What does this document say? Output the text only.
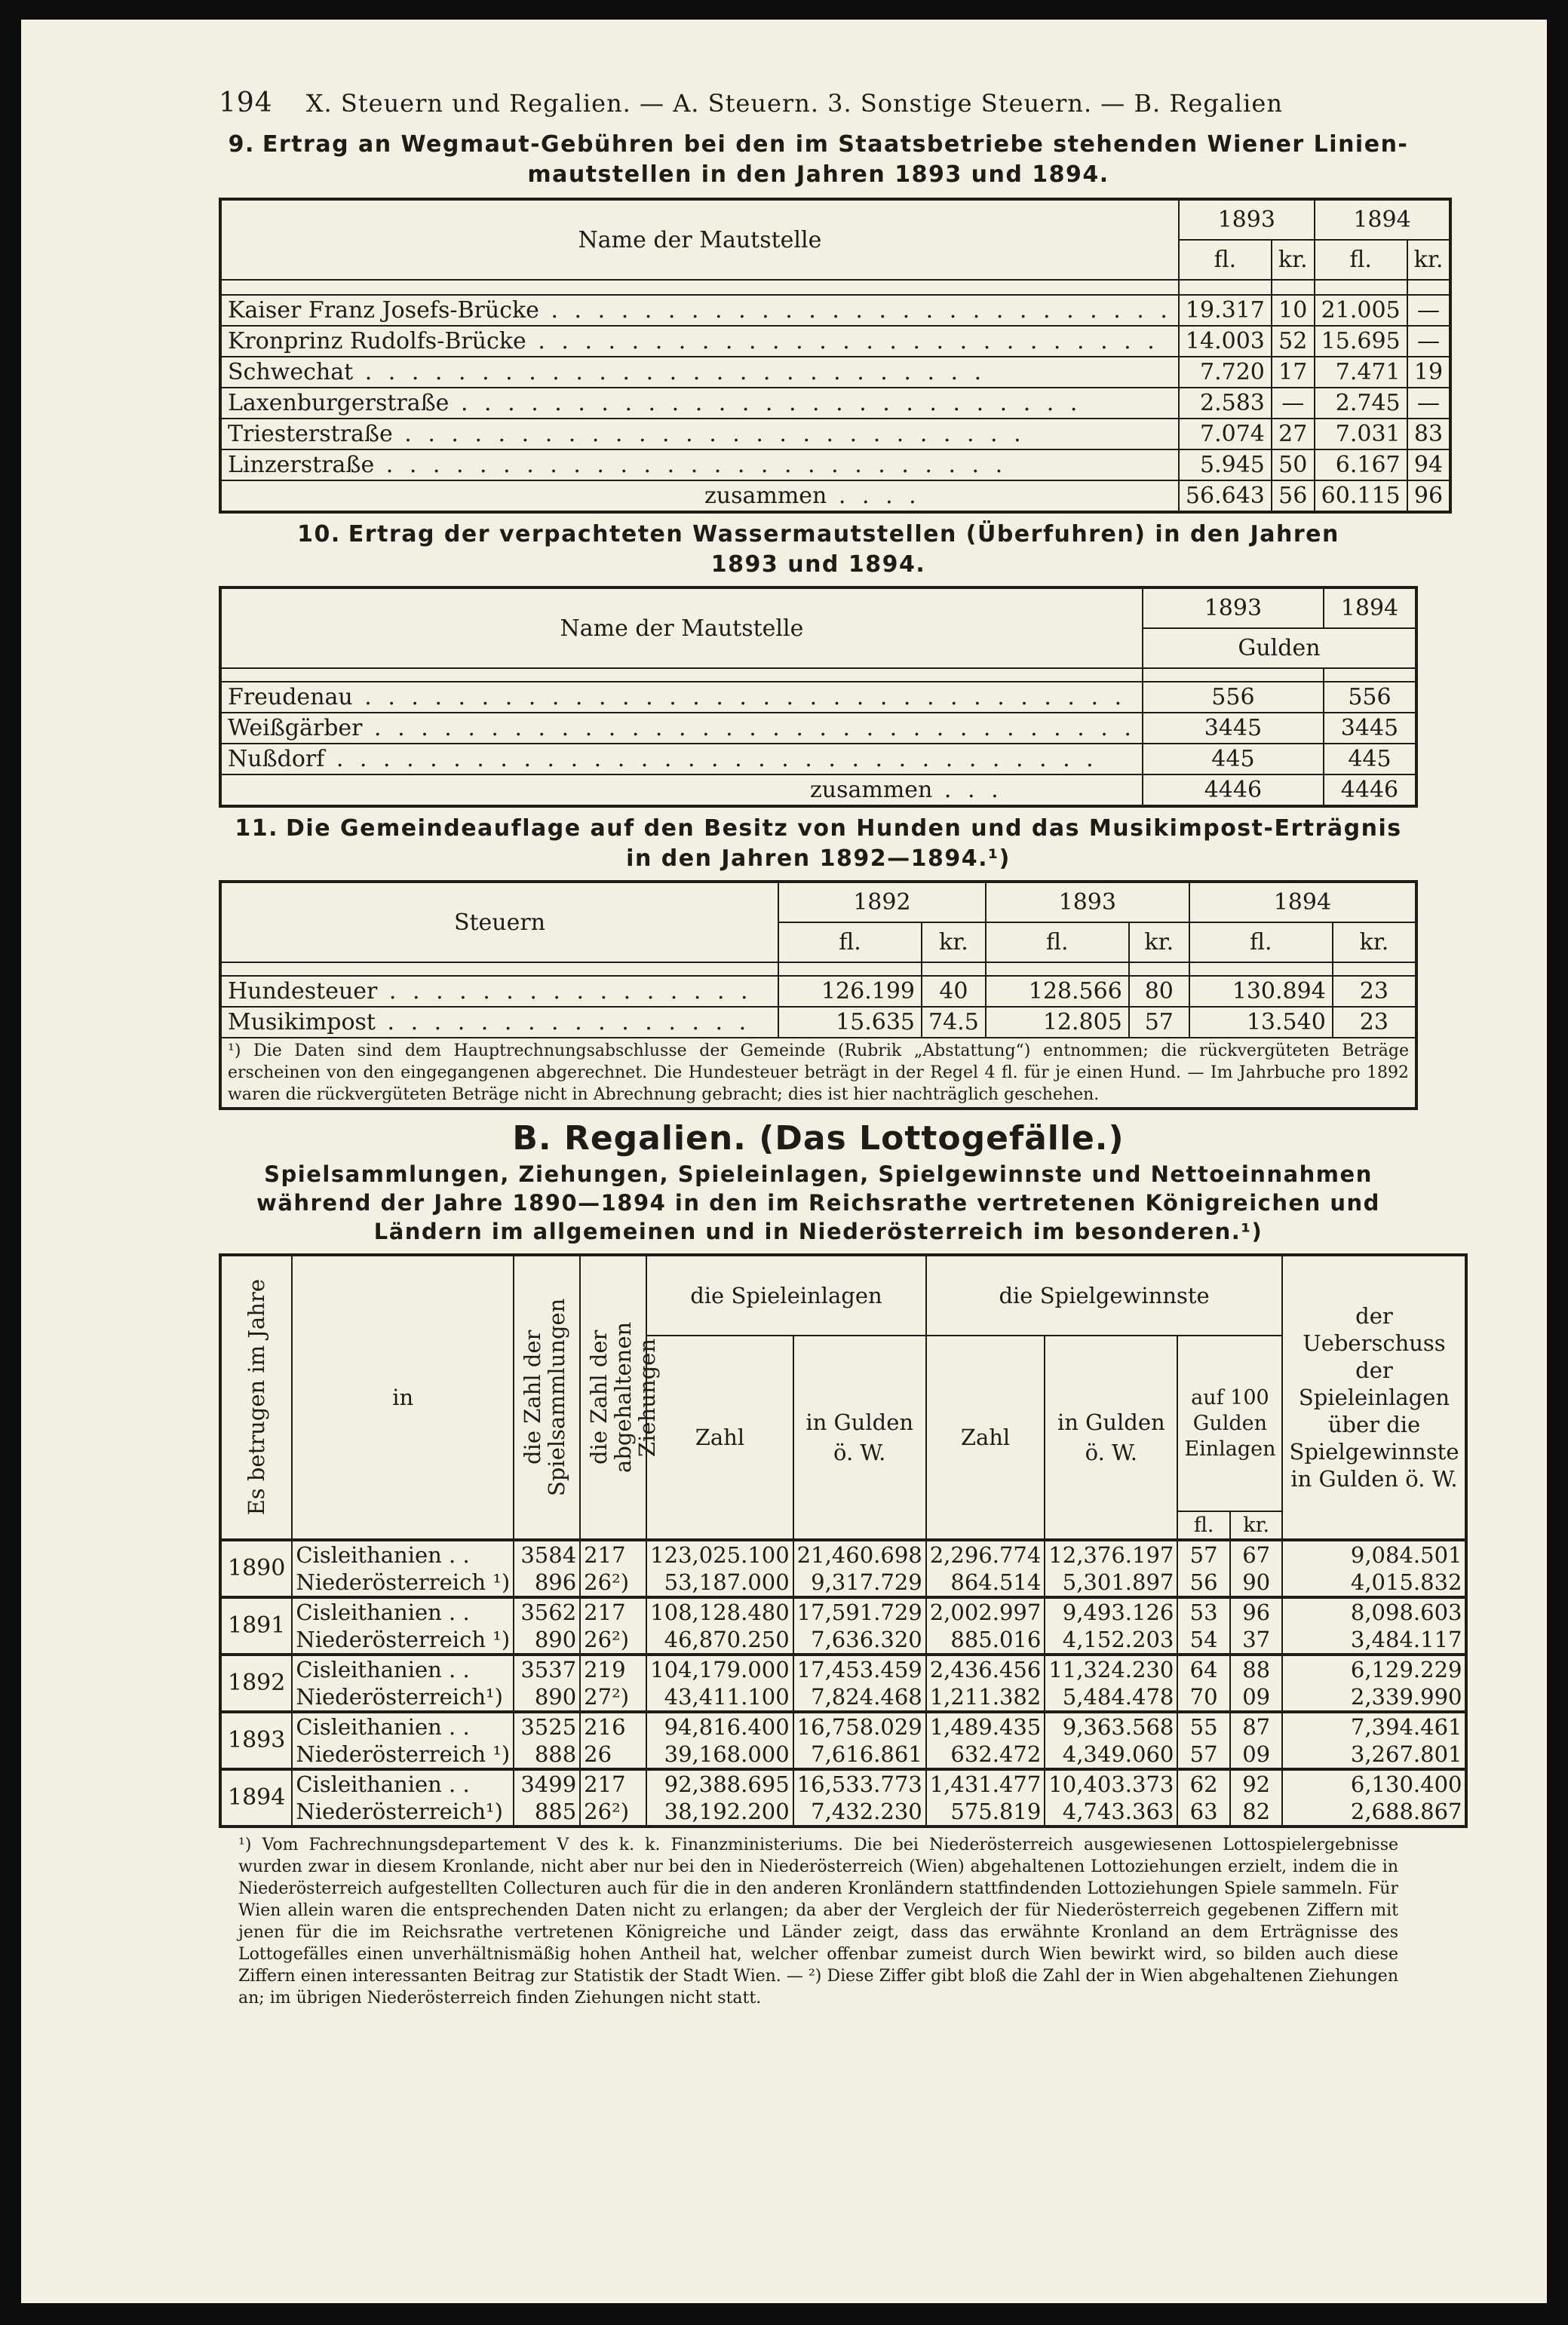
194 X. Steuern und Regalien. — A. Steuern. 3. Sonstige Steuern. — B. Regalien
9. Ertrag an Wegmaut-Gebühren bei den im Staatsbetriebe stehenden Wiener Linien-
mautstellen in den Jahren 1893 und 1894.
Name der Mautstelle	1893		1894	
	fl.	kr.	fl.	kr.

Kaiser Franz Josefs-Brücke . . . . . . . . . . . . . . . . . . . . . . . . . . .	19.317	10	21.005	—
Kronprinz Rudolfs-Brücke . . . . . . . . . . . . . . . . . . . . . . . . . . .	14.003	52	15.695	—
Schwechat . . . . . . . . . . . . . . . . . . . . . . . . . . .	7.720	17	7.471	19
Laxenburgerstraße . . . . . . . . . . . . . . . . . . . . . . . . . . .	2.583	—	2.745	—
Triesterstraße . . . . . . . . . . . . . . . . . . . . . . . . . . .	7.074	27	7.031	83
Linzerstraße . . . . . . . . . . . . . . . . . . . . . . . . . . .	5.945	50	6.167	94
zusammen . . . .	56.643	56	60.115	96
10. Ertrag der verpachteten Wassermautstellen (Überfuhren) in den Jahren
1893 und 1894.
Name der Mautstelle	1893	1894
	Gulden	

Freudenau . . . . . . . . . . . . . . . . . . . . . . . . . . . . . . . . .	556	556
Weißgärber . . . . . . . . . . . . . . . . . . . . . . . . . . . . . . . . .	3445	3445
Nußdorf . . . . . . . . . . . . . . . . . . . . . . . . . . . . . . . . .	445	445
zusammen . . .	4446	4446
11. Die Gemeindeauflage auf den Besitz von Hunden und das Musikimpost-Erträgnis
in den Jahren 1892—1894.¹)
Steuern	1892		1893		1894	
	fl.	kr.	fl.	kr.	fl.	kr.

Hundesteuer . . . . . . . . . . . . . . . .	126.199	40	128.566	80	130.894	23
Musikimpost . . . . . . . . . . . . . . . .	15.635	74.5	12.805	57	13.540	23
¹) Die Daten sind dem Hauptrechnungsabschlusse der Gemeinde (Rubrik „Abstattung“) entnommen; die rückvergüteten Beträge erscheinen von den eingegangenen abgerechnet. Die Hundesteuer beträgt in der Regel 4 fl. für je einen Hund. — Im Jahrbuche pro 1892 waren die rückvergüteten Beträge nicht in Abrechnung gebracht; dies ist hier nachträglich geschehen.						
B. Regalien. (Das Lottogefälle.)
Spielsammlungen, Ziehungen, Spieleinlagen, Spielgewinnste und Nettoeinnahmen
während der Jahre 1890—1894 in den im Reichsrathe vertretenen Königreichen und
Ländern im allgemeinen und in Niederösterreich im besonderen.¹)
Es betrugen im Jahre	in	die Zahl der Spielsammlungen	die Zahl der abgehaltenen Ziehungen	die Spieleinlagen		die Spielgewinnste				der Ueberschuss der Spieleinlagen über die Spielgewinnste in Gulden ö. W.
				Zahl	in Gulden ö. W.	Zahl	in Gulden ö. W.	auf 100 Gulden Einlagen		
								fl.	kr.	
1890	Cisleithanien . .	3584	217	123,025.100	21,460.698	2,296.774	12,376.197	57	67	9,084.501
	Niederösterreich ¹)	896	26²)	53,187.000	9,317.729	864.514	5,301.897	56	90	4,015.832
1891	Cisleithanien . .	3562	217	108,128.480	17,591.729	2,002.997	9,493.126	53	96	8,098.603
	Niederösterreich ¹)	890	26²)	46,870.250	7,636.320	885.016	4,152.203	54	37	3,484.117
1892	Cisleithanien . .	3537	219	104,179.000	17,453.459	2,436.456	11,324.230	64	88	6,129.229
	Niederösterreich¹)	890	27²)	43,411.100	7,824.468	1,211.382	5,484.478	70	09	2,339.990
1893	Cisleithanien . .	3525	216	94,816.400	16,758.029	1,489.435	9,363.568	55	87	7,394.461
	Niederösterreich ¹)	888	26	39,168.000	7,616.861	632.472	4,349.060	57	09	3,267.801
1894	Cisleithanien . .	3499	217	92,388.695	16,533.773	1,431.477	10,403.373	62	92	6,130.400
	Niederösterreich¹)	885	26²)	38,192.200	7,432.230	575.819	4,743.363	63	82	2,688.867
¹) Vom Fachrechnungsdepartement V des k. k. Finanzministeriums. Die bei Niederösterreich ausgewiesenen Lottospielergebnisse wurden zwar in diesem Kronlande, nicht aber nur bei den in Niederösterreich (Wien) abgehaltenen Lottoziehungen erzielt, indem die in Niederösterreich aufgestellten Collecturen auch für die in den anderen Kronländern stattfindenden Lottoziehungen Spiele sammeln. Für Wien allein waren die entsprechenden Daten nicht zu erlangen; da aber der Vergleich der für Niederösterreich gegebenen Ziffern mit jenen für die im Reichsrathe vertretenen Königreiche und Länder zeigt, dass das erwähnte Kronland an dem Erträgnisse des Lottogefälles einen unverhältnismäßig hohen Antheil hat, welcher offenbar zumeist durch Wien bewirkt wird, so bilden auch diese Ziffern einen interessanten Beitrag zur Statistik der Stadt Wien. — ²) Diese Ziffer gibt bloß die Zahl der in Wien abgehaltenen Ziehungen an; im übrigen Niederösterreich finden Ziehungen nicht statt.
